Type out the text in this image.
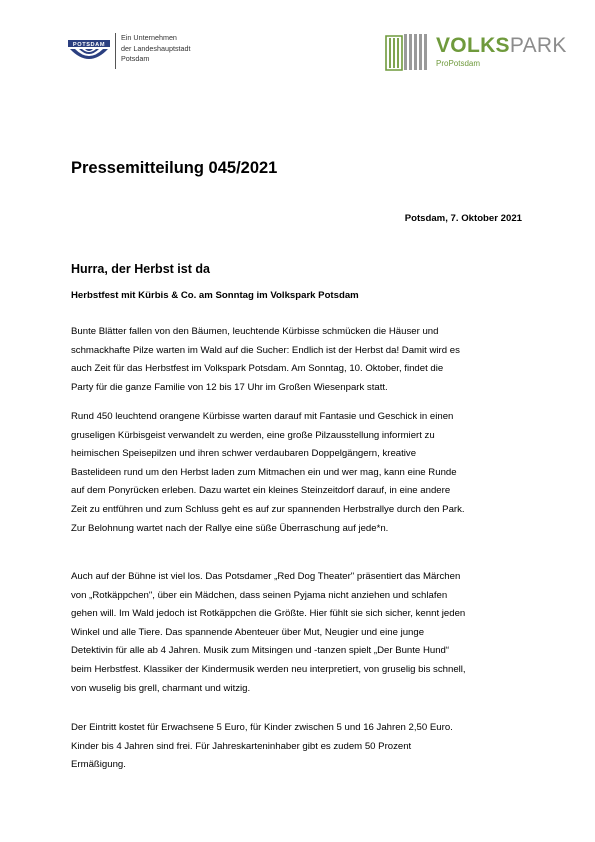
POTSDAM
Ein Unternehmen
der Landeshauptstadt
Potsdam
VOLKSPARK
ProPotsdam
Pressemitteilung 045/2021
Potsdam, 7. Oktober 2021
Hurra, der Herbst ist da
Herbstfest mit Kürbis & Co. am Sonntag im Volkspark Potsdam
Bunte Blätter fallen von den Bäumen, leuchtende Kürbisse schmücken die Häuser und
schmackhafte Pilze warten im Wald auf die Sucher: Endlich ist der Herbst da! Damit wird es
auch Zeit für das Herbstfest im Volkspark Potsdam. Am Sonntag, 10. Oktober, findet die
Party für die ganze Familie von 12 bis 17 Uhr im Großen Wiesenpark statt.
Rund 450 leuchtend orangene Kürbisse warten darauf mit Fantasie und Geschick in einen
gruseligen Kürbisgeist verwandelt zu werden, eine große Pilzausstellung informiert zu
heimischen Speisepilzen und ihren schwer verdaubaren Doppelgängern, kreative
Bastelideen rund um den Herbst laden zum Mitmachen ein und wer mag, kann eine Runde
auf dem Ponyrücken erleben. Dazu wartet ein kleines Steinzeitdorf darauf, in eine andere
Zeit zu entführen und zum Schluss geht es auf zur spannenden Herbstrallye durch den Park.
Zur Belohnung wartet nach der Rallye eine süße Überraschung auf jede*n.
Auch auf der Bühne ist viel los. Das Potsdamer „Red Dog Theater" präsentiert das Märchen
von „Rotkäppchen", über ein Mädchen, dass seinen Pyjama nicht anziehen und schlafen
gehen will. Im Wald jedoch ist Rotkäppchen die Größte. Hier fühlt sie sich sicher, kennt jeden
Winkel und alle Tiere. Das spannende Abenteuer über Mut, Neugier und eine junge
Detektivin für alle ab 4 Jahren. Musik zum Mitsingen und -tanzen spielt „Der Bunte Hund“
beim Herbstfest. Klassiker der Kindermusik werden neu interpretiert, von gruselig bis schnell,
von wuselig bis grell, charmant und witzig.
Der Eintritt kostet für Erwachsene 5 Euro, für Kinder zwischen 5 und 16 Jahren 2,50 Euro.
Kinder bis 4 Jahren sind frei. Für Jahreskarteninhaber gibt es zudem 50 Prozent
Ermäßigung.
